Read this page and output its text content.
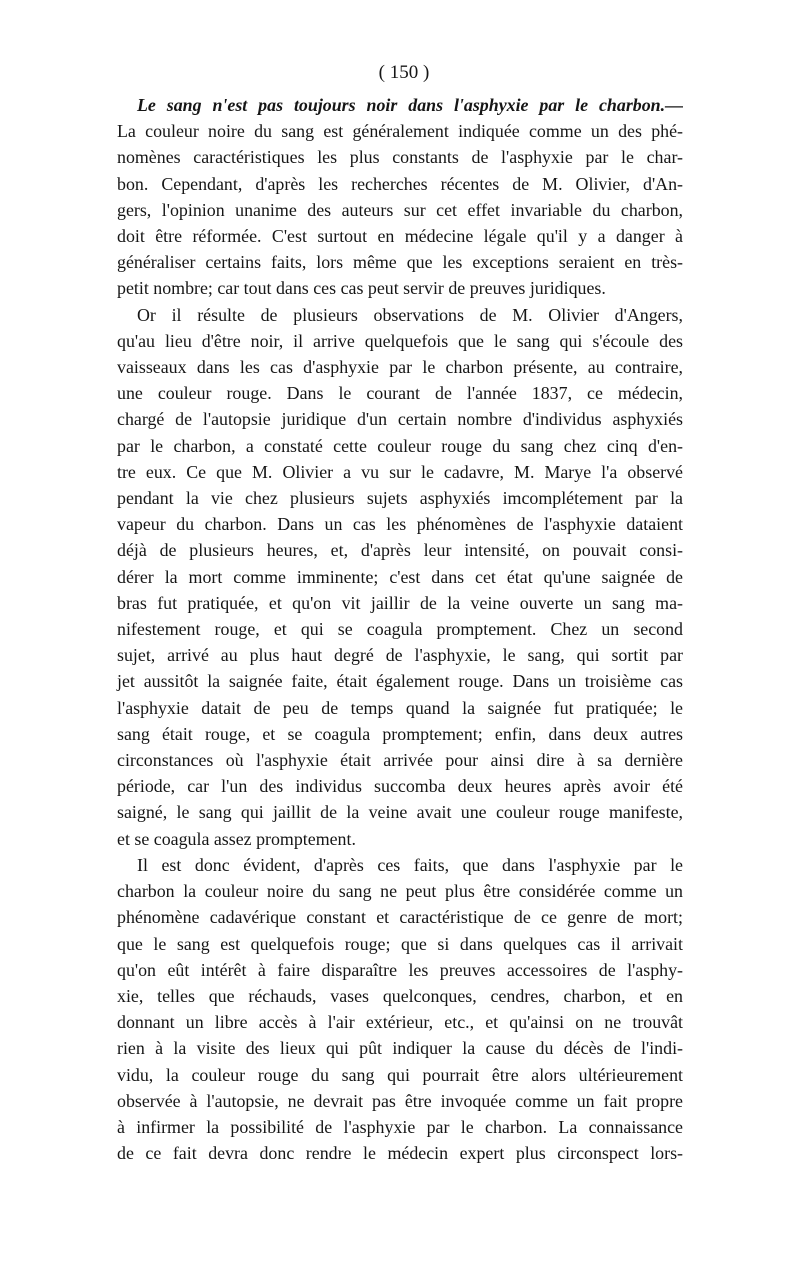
( 150 )
Le sang n'est pas toujours noir dans l'asphyxie par le charbon.—
La couleur noire du sang est généralement indiquée comme un des phé-
nomènes caractéristiques les plus constants de l'asphyxie par le char-
bon. Cependant, d'après les recherches récentes de M. Olivier, d'An-
gers, l'opinion unanime des auteurs sur cet effet invariable du charbon,
doit être réformée. C'est surtout en médecine légale qu'il y a danger à
généraliser certains faits, lors même que les exceptions seraient en très-
petit nombre; car tout dans ces cas peut servir de preuves juridiques.
Or il résulte de plusieurs observations de M. Olivier d'Angers,
qu'au lieu d'être noir, il arrive quelquefois que le sang qui s'écoule des
vaisseaux dans les cas d'asphyxie par le charbon présente, au contraire,
une couleur rouge. Dans le courant de l'année 1837, ce médecin,
chargé de l'autopsie juridique d'un certain nombre d'individus asphyxiés
par le charbon, a constaté cette couleur rouge du sang chez cinq d'en-
tre eux. Ce que M. Olivier a vu sur le cadavre, M. Marye l'a observé
pendant la vie chez plusieurs sujets asphyxiés imcomplétement par la
vapeur du charbon. Dans un cas les phénomènes de l'asphyxie dataient
déjà de plusieurs heures, et, d'après leur intensité, on pouvait consi-
dérer la mort comme imminente; c'est dans cet état qu'une saignée de
bras fut pratiquée, et qu'on vit jaillir de la veine ouverte un sang ma-
nifestement rouge, et qui se coagula promptement. Chez un second
sujet, arrivé au plus haut degré de l'asphyxie, le sang, qui sortit par
jet aussitôt la saignée faite, était également rouge. Dans un troisième cas
l'asphyxie datait de peu de temps quand la saignée fut pratiquée; le
sang était rouge, et se coagula promptement; enfin, dans deux autres
circonstances où l'asphyxie était arrivée pour ainsi dire à sa dernière
période, car l'un des individus succomba deux heures après avoir été
saigné, le sang qui jaillit de la veine avait une couleur rouge manifeste,
et se coagula assez promptement.
Il est donc évident, d'après ces faits, que dans l'asphyxie par le
charbon la couleur noire du sang ne peut plus être considérée comme un
phénomène cadavérique constant et caractéristique de ce genre de mort;
que le sang est quelquefois rouge; que si dans quelques cas il arrivait
qu'on eût intérêt à faire disparaître les preuves accessoires de l'asphy-
xie, telles que réchauds, vases quelconques, cendres, charbon, et en
donnant un libre accès à l'air extérieur, etc., et qu'ainsi on ne trouvât
rien à la visite des lieux qui pût indiquer la cause du décès de l'indi-
vidu, la couleur rouge du sang qui pourrait être alors ultérieurement
observée à l'autopsie, ne devrait pas être invoquée comme un fait propre
à infirmer la possibilité de l'asphyxie par le charbon. La connaissance
de ce fait devra donc rendre le médecin expert plus circonspect lors-
